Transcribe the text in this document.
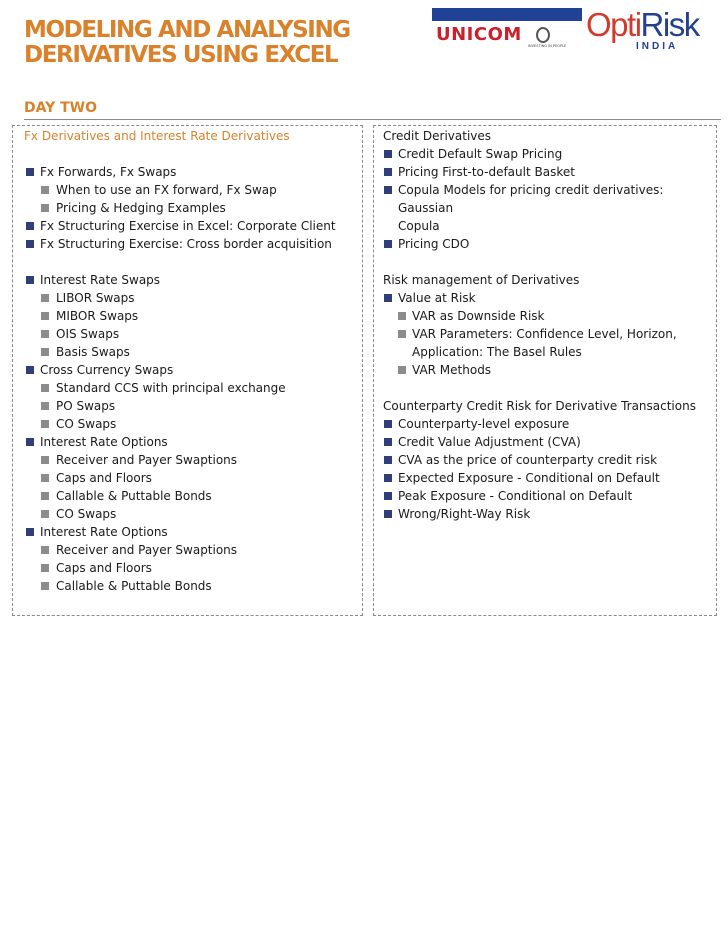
MODELING AND ANALYSING
DERIVATIVES USING EXCEL
UNICOM
INVESTING IN PEOPLE
OptiRisk
INDIA
DAY TWO

Fx Derivatives and Interest Rate Derivatives

Fx Forwards, Fx Swaps

When to use an FX forward, Fx Swap

Pricing & Hedging Examples

Fx Structuring Exercise in Excel: Corporate Client

Fx Structuring Exercise: Cross border acquisition

Interest Rate Swaps

LIBOR Swaps

MIBOR Swaps

OIS Swaps

Basis Swaps

Cross Currency Swaps

Standard CCS with principal exchange

PO Swaps

CO Swaps

Interest Rate Options

Receiver and Payer Swaptions

Caps and Floors

Callable & Puttable Bonds

CO Swaps

Interest Rate Options

Receiver and Payer Swaptions

Caps and Floors

Callable & Puttable Bonds

Credit Derivatives

Credit Default Swap Pricing

Pricing First-to-default Basket

Copula Models for pricing credit derivatives: Gaussian

Copula

Pricing CDO

Risk management of Derivatives

Value at Risk

VAR as Downside Risk

VAR Parameters: Confidence Level, Horizon,

Application: The Basel Rules

VAR Methods

Counterparty Credit Risk for Derivative Transactions

Counterparty-level exposure

Credit Value Adjustment (CVA)

CVA as the price of counterparty credit risk

Expected Exposure - Conditional on Default

Peak Exposure - Conditional on Default

Wrong/Right-Way Risk
